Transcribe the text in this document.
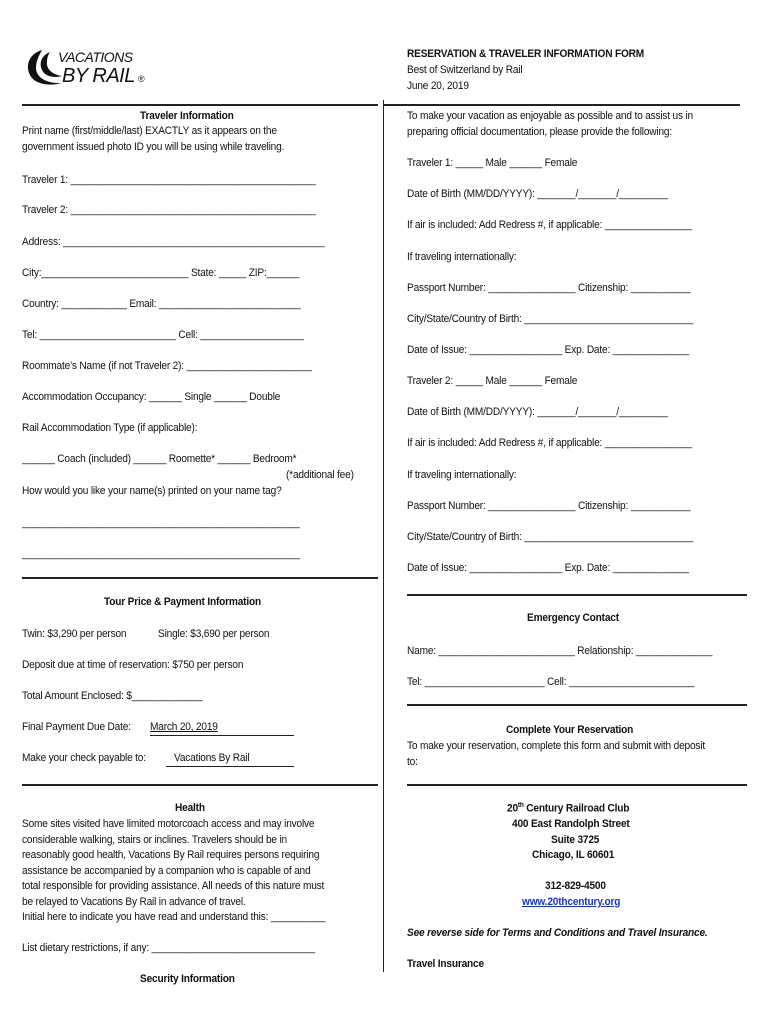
VACATIONS
BY RAIL ®
RESERVATION & TRAVELER INFORMATION FORM
Best of Switzerland by Rail
June 20, 2019
Traveler Information
Print name (first/middle/last) EXACTLY as it appears on the
government issued photo ID you will be using while traveling.
Traveler 1: _____________________________________________
Traveler 2: _____________________________________________
Address: ________________________________________________
City:___________________________ State: _____ ZIP:______
Country: ____________ Email: __________________________
Tel: _________________________ Cell: ___________________
Roommate’s Name (if not Traveler 2): _______________________
Accommodation Occupancy: ______ Single ______ Double
Rail Accommodation Type (if applicable):
______ Coach (included) ______ Roomette* ______ Bedroom*
(*additional fee)
How would you like your name(s) printed on your name tag?
___________________________________________________
___________________________________________________
To make your vacation as enjoyable as possible and to assist us in
preparing official documentation, please provide the following:
Traveler 1: _____ Male ______ Female
Date of Birth (MM/DD/YYYY): _______/_______/_________
If air is included: Add Redress #, if applicable: ________________
If traveling internationally:
Passport Number: ________________ Citizenship: ___________
City/State/Country of Birth: _______________________________
Date of Issue: _________________ Exp. Date: ______________
Traveler 2: _____ Male ______ Female
Date of Birth (MM/DD/YYYY): _______/_______/_________
If air is included: Add Redress #, if applicable: ________________
If traveling internationally:
Passport Number: ________________ Citizenship: ___________
City/State/Country of Birth: _______________________________
Date of Issue: _________________ Exp. Date: ______________
Tour Price & Payment Information
Twin: $3,290 per person	Single: $3,690 per person
Deposit due at time of reservation: $750 per person
Total Amount Enclosed: $_____________
Final Payment Due Date: March 20, 2019
Make your check payable to:	Vacations By Rail
Emergency Contact
Name: _________________________ Relationship: ______________
Tel: ______________________ Cell: _______________________
Complete Your Reservation
To make your reservation, complete this form and submit with deposit
to:
20th Century Railroad Club
400 East Randolph Street
Suite 3725
Chicago, IL 60601
312-829-4500
www.20thcentury.org
See reverse side for Terms and Conditions and Travel Insurance.
Travel Insurance
Health
Some sites visited have limited motorcoach access and may involve
considerable walking, stairs or inclines. Travelers should be in
reasonably good health, Vacations By Rail requires persons requiring
assistance be accompanied by a companion who is capable of and
total responsible for providing assistance. All needs of this nature must
be relayed to Vacations By Rail in advance of travel.
Initial here to indicate you have read and understand this: __________
List dietary restrictions, if any: ______________________________
Security Information
